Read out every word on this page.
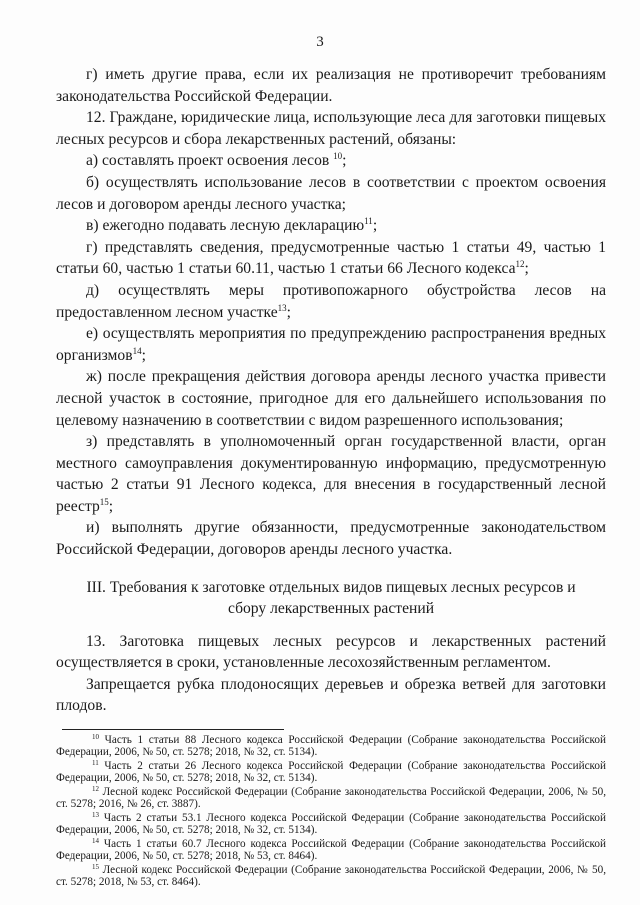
3

г) иметь другие права, если их реализация не противоречит требованиям законодательства Российской Федерации.

12. Граждане, юридические лица, использующие леса для заготовки пищевых лесных ресурсов и сбора лекарственных растений, обязаны:

а) составлять проект освоения лесов $^{10}$;

б) осуществлять использование лесов в соответствии с проектом освоения лесов и договором аренды лесного участка;

в) ежегодно подавать лесную декларацию$^{11}$;

г) представлять сведения, предусмотренные частью 1 статьи 49, частью 1 статьи 60, частью 1 статьи 60.11, частью 1 статьи 66 Лесного кодекса$^{12}$;

д) осуществлять меры противопожарного обустройства лесов на предоставленном лесном участке$^{13}$;

е) осуществлять мероприятия по предупреждению распространения вредных организмов$^{14}$;

ж) после прекращения действия договора аренды лесного участка привести лесной участок в состояние, пригодное для его дальнейшего использования по целевому назначению в соответствии с видом разрешенного использования;

з) представлять в уполномоченный орган государственной власти, орган местного самоуправления документированную информацию, предусмотренную частью 2 статьи 91 Лесного кодекса, для внесения в государственный лесной реестр$^{15}$;

и) выполнять другие обязанности, предусмотренные законодательством Российской Федерации, договоров аренды лесного участка.

III. Требования к заготовке отдельных видов пищевых лесных ресурсов и сбору лекарственных растений

13. Заготовка пищевых лесных ресурсов и лекарственных растений осуществляется в сроки, установленные лесохозяйственным регламентом.

Запрещается рубка плодоносящих деревьев и обрезка ветвей для заготовки плодов.

$^{10}$ Часть 1 статьи 88 Лесного кодекса Российской Федерации (Собрание законодательства Российской Федерации, 2006, № 50, ст. 5278; 2018, № 32, ст. 5134).

$^{11}$ Часть 2 статьи 26 Лесного кодекса Российской Федерации (Собрание законодательства Российской Федерации, 2006, № 50, ст. 5278; 2018, № 32, ст. 5134).

$^{12}$ Лесной кодекс Российской Федерации (Собрание законодательства Российской Федерации, 2006, № 50, ст. 5278; 2016, № 26, ст. 3887).

$^{13}$ Часть 2 статьи 53.1 Лесного кодекса Российской Федерации (Собрание законодательства Российской Федерации, 2006, № 50, ст. 5278; 2018, № 32, ст. 5134).

$^{14}$ Часть 1 статьи 60.7 Лесного кодекса Российской Федерации (Собрание законодательства Российской Федерации, 2006, № 50, ст. 5278; 2018, № 53, ст. 8464).

$^{15}$ Лесной кодекс Российской Федерации (Собрание законодательства Российской Федерации, 2006, № 50, ст. 5278; 2018, № 53, ст. 8464).
